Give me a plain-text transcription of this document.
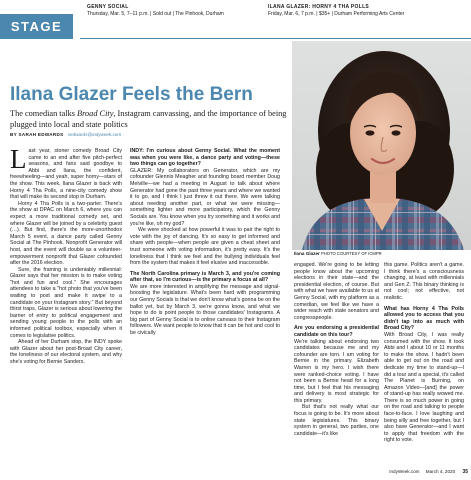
STAGE
GENNY SOCIAL
Thursday, Mar. 5, 7–11 p.m. | Sold out | The Pinhook, Durham
ILANA GLAZER: HORNY 4 THA POLLS
Friday, Mar. 6, 7 p.m. | $35+ | Durham Performing Arts Center
Ilana Glazer PHOTO COURTESY OF ICMPR
Ilana Glazer Feels the Bern
The comedian talks Broad City, Instagram canvassing, and the importance of being plugged into local and state politics
BY SARAH EDWARDS sedwards@indyweek.com

Last year, stoner comedy Broad City came to an end after five pitch-perfect seasons, and fans said goodbye to Abbi and Ilana, the confident, freewheeling—and yeah, super horny—stars of the show. This week, Ilana Glazer is back with Horny 4 Tha Polls, a nine-city comedy show that will make its second stop in Durham.

Horny 4 Tha Polls is a two-parter. There's the show at DPAC on March 6, where you can expect a more traditional comedy set, and where Glazer will be joined by a celebrity guest (…). But first, there's the more-unorthodox March 5 event, a dance party called Genny Social at The Pinhook. Nonprofit Generator will host, and the event will double as a volunteer-empowerment nonprofit that Glazer cofounded after the 2016 election.

Sure, the framing is undeniably millennial: Glazer says that her mission is to make voting "hot and fun and cool." She encourages attendees to take a "hot photo that you've been waiting to post and make it swipe to a candidate on your Instagram story." But beyond thirst traps, Glazer is serious about lowering the barrier of entry to political engagement and sending young people to the polls with an informed political toolbox, especially when it comes to legislative politics.

Ahead of her Durham stop, the INDY spoke with Glazer about her post-Broad City career, the loneliness of our electoral system, and why she's voting for Bernie Sanders.

INDY: I'm curious about Genny Social. What the moment was when you were like, a dance party and voting—these two things can go together?

GLAZER: My collaborators on Generator, which are my cofounder Glennis Meagher and founding board member Doug Melville—we had a meeting in August to talk about where Generator had gone the past three years and where we wanted it to go, and I think I just threw it out there. We were talking about needing another part, or what we were missing—something lighter and more participatory, which the Genny Socials are. You know when you try something and it works and you're like, oh my god?

We were shocked at how powerful it was to pair the right to vote with the joy of dancing. It's so easy to get informed and share with people—when people are given a cheat sheet and trust someone with voting information, it's pretty easy. It's the loneliness that I think we feel and the bullying individuals feel from the system that makes it feel elusive and inaccessible.

The North Carolina primary is March 3, and you're coming after that, so I'm curious—is the primary a focus at all?

We are more interested in amplifying the message and signal-boosting the legislature. What's been hard with programming our Genny Socials is that we don't know what's gonna be on the ballot yet, but by March 3, we're gonna know, and what we hope to do is point people to those candidates' Instagrams. A big part of Genny Social is to online canvass to their Instagram followers. We want people to know that it can be hot and cool to be civically

engaged. We're going to be letting people know about the upcoming elections in their state—and the presidential election, of course. But with what we have available to us at Genny Social, with my platform as a comedian, we feel like we have a wider reach with state senators and congresspeople.

Are you endorsing a presidential candidate on this tour?

We're talking about endorsing two candidates because me and my cofounder are torn. I am voting for Bernie in the primary. Elizabeth Warren is my hero. I wish there were ranked-choice voting. I have not been a Bernie head for a long time, but I feel that his messaging and delivery is most strategic for this primary.

But that's not really what our focus is going to be. It's more about state legislatures. This binary system in general, two parties, one candidate—it's like

this game. Politics aren't a game. I think there's a consciousness changing, at least with millennials and Gen Z. This binary thinking is not cool; not effective, not realistic.

What has Horny 4 Tha Polls allowed you to access that you didn't tap into as much with Broad City?

With Broad City, I was really consumed with the show. It took Abbi and I about 10 or 11 months to make the show. I hadn't been able to get out on the road and dedicate my time to stand-up—I did a tour and a special, it's called The Planet is Burning, on Amazon Video—[and] the power of stand-up has really wowed me. There is so much power in going on the road and talking to people face-to-face. I love laughing and being silly and free together, but I also have Generator—and I want to apply that freedom with the right to vote.

IndyWeek.com March 4, 2020 35
